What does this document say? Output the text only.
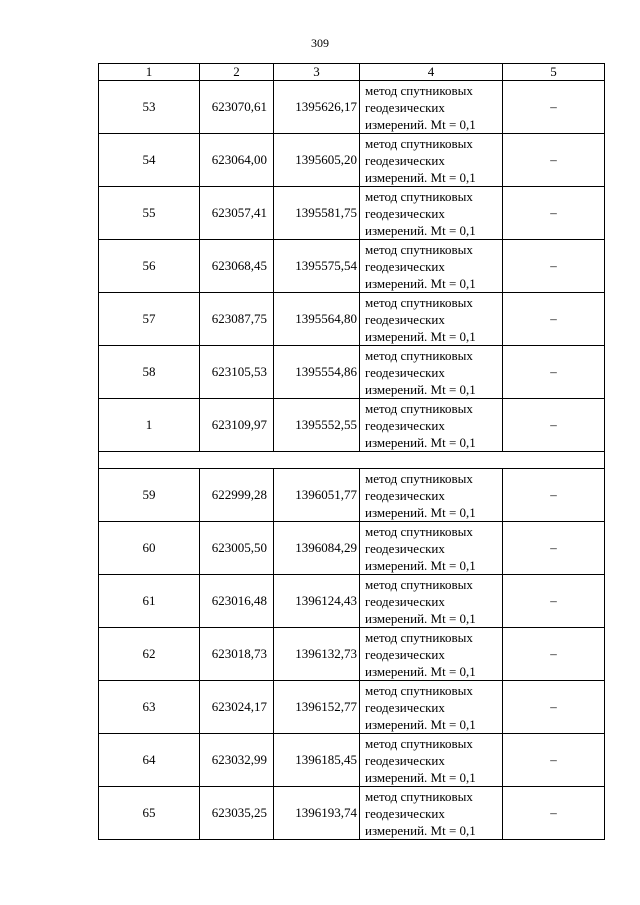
309
1	2	3	4	5
53	623070,61	1395626,17	метод спутниковых
геодезических
измерений. Mt = 0,1	–
54	623064,00	1395605,20	метод спутниковых
геодезических
измерений. Mt = 0,1	–
55	623057,41	1395581,75	метод спутниковых
геодезических
измерений. Mt = 0,1	–
56	623068,45	1395575,54	метод спутниковых
геодезических
измерений. Mt = 0,1	–
57	623087,75	1395564,80	метод спутниковых
геодезических
измерений. Mt = 0,1	–
58	623105,53	1395554,86	метод спутниковых
геодезических
измерений. Mt = 0,1	–
1	623109,97	1395552,55	метод спутниковых
геодезических
измерений. Mt = 0,1	–

59	622999,28	1396051,77	метод спутниковых
геодезических
измерений. Mt = 0,1	–
60	623005,50	1396084,29	метод спутниковых
геодезических
измерений. Mt = 0,1	–
61	623016,48	1396124,43	метод спутниковых
геодезических
измерений. Mt = 0,1	–
62	623018,73	1396132,73	метод спутниковых
геодезических
измерений. Mt = 0,1	–
63	623024,17	1396152,77	метод спутниковых
геодезических
измерений. Mt = 0,1	–
64	623032,99	1396185,45	метод спутниковых
геодезических
измерений. Mt = 0,1	–
65	623035,25	1396193,74	метод спутниковых
геодезических
измерений. Mt = 0,1	–
